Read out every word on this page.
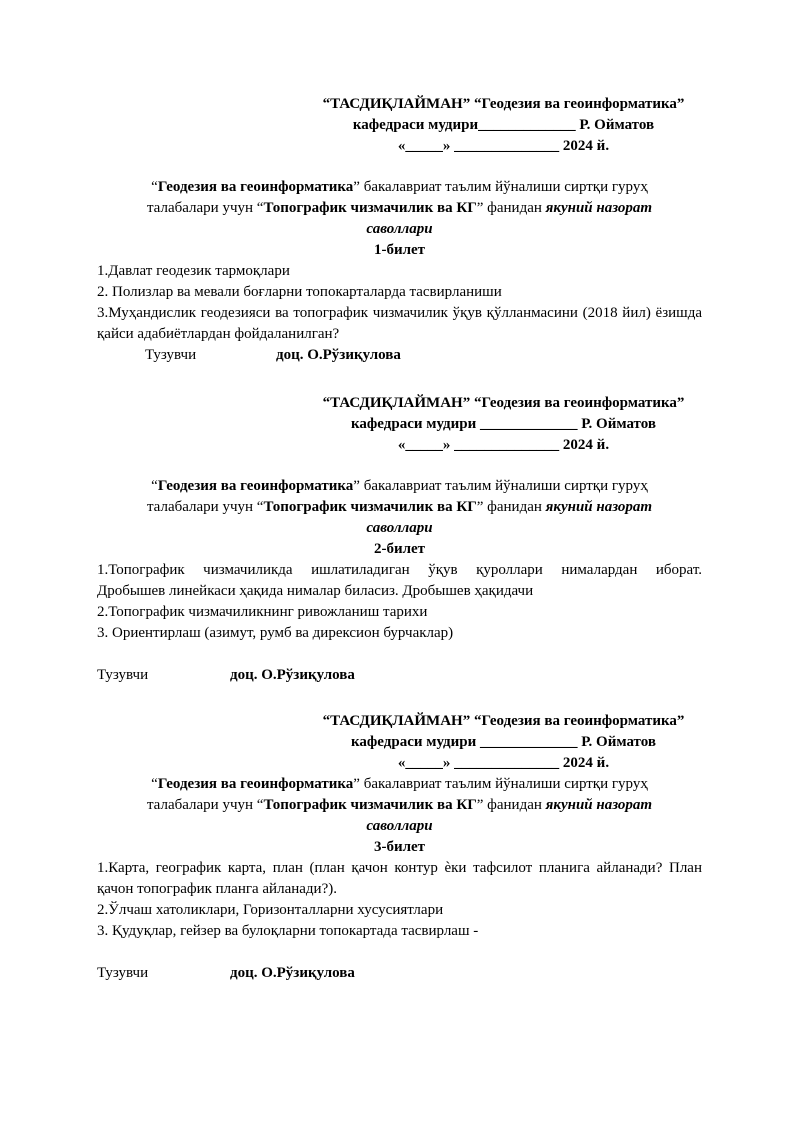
“ТАСДИҚЛАЙМАН” “Геодезия ва геоинформатика”
кафедраси мудири_____________ Р. Ойматов
«_____» ______________ 2024 й.
“Геодезия ва геоинформатика” бакалавриат таълим йўналиши сиртқи гуруҳ
талабалари учун “Топографик чизмачилик ва КГ” фанидан якуний назорат
саволлари
1-билет
1.Давлат геодезик тармоқлари
2. Полизлар ва мевали боғларни топокарталарда тасвирланиши
3.Муҳандислик геодезияси ва топографик чизмачилик ўқув қўлланмасини (2018 йил) ёзишда қайси адабиётлардан фойдаланилган?
Тузувчи	доц. О.Рўзиқулова
“ТАСДИҚЛАЙМАН” “Геодезия ва геоинформатика”
кафедраси мудири _____________ Р. Ойматов
«_____» ______________ 2024 й.
“Геодезия ва геоинформатика” бакалавриат таълим йўналиши сиртқи гуруҳ
талабалари учун “Топографик чизмачилик ва КГ” фанидан якуний назорат
саволлари
2-билет
1.Топографик чизмачиликда ишлатиладиган ўқув қуроллари нималардан иборат.
Дробышев линейкаси ҳақида нималар биласиз. Дробышев ҳақидачи
2.Топографик чизмачиликнинг ривожланиш тарихи
3. Ориентирлаш (азимут, румб ва дирексион бурчаклар)
Тузувчи	доц. О.Рўзиқулова
“ТАСДИҚЛАЙМАН” “Геодезия ва геоинформатика”
кафедраси мудири _____________ Р. Ойматов
«_____» ______________ 2024 й.
“Геодезия ва геоинформатика” бакалавриат таълим йўналиши сиртқи гуруҳ
талабалари учун “Топографик чизмачилик ва КГ” фанидан якуний назорат
саволлари
3-билет
1.Карта, географик карта, план (план қачон контур ѐки тафсилот планига айланади? План қачон топографик планга айланади?).
2.Ўлчаш хатоликлари, Горизонталларни хусусиятлари
3. Қудуқлар, гейзер ва булоқларни топокартада тасвирлаш -
Тузувчи	доц. О.Рўзиқулова
